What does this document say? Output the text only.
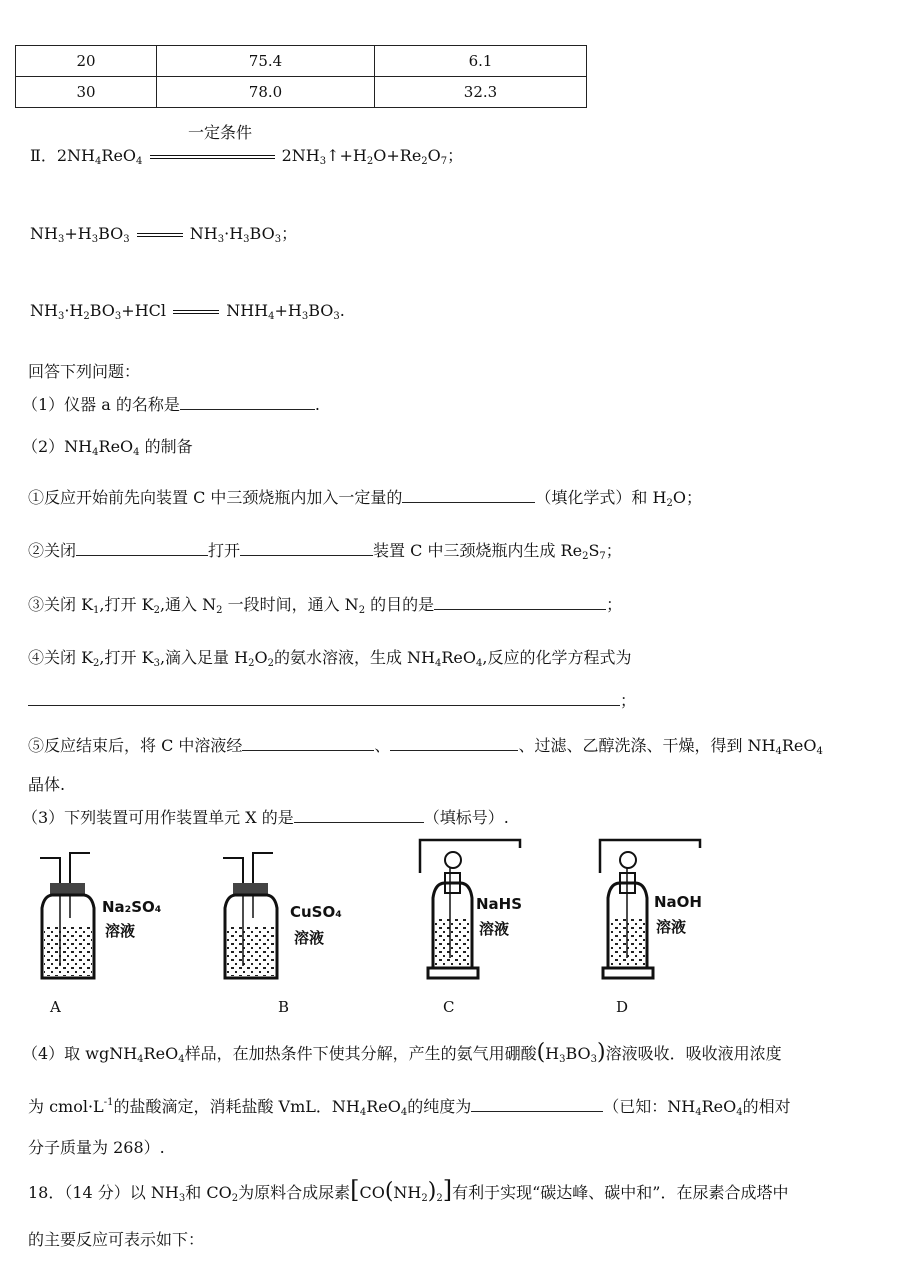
20	75.4	6.1
30	78.0	32.3
一定条件
Ⅱ．$2NH_4ReO_4$	$2NH_3↑+H_2O+Re_2O_7$；
$NH_3+H_3BO_3$	$NH_3\cdot H_3BO_3$；
$NH_3\cdot H_2BO_3+HCl$	$NHH_4+H_3BO_3$.
回答下列问题：
（1）仪器 a 的名称是	.
$(2)NH_4ReO_4$ 的制备
①反应开始前先向装置 C 中三颈烧瓶内加入一定量的	（填化学式）和 $H_2O$；
②关闭	打开	装置 C 中三颈烧瓶内生成 $Re_2S_7$；
③关闭 $K_1$,打开 $K_2$,通入 $N_2$ 一段时间，通入 $N_2$ 的目的是	；
④关闭 $K_2$,打开 $K_3$,滴入足量 $H_2O_2$的氨水溶液，生成 $NH_4ReO_4$,反应的化学方程式为
；
⑤反应结束后，将 C 中溶液经	、	、过滤、乙醇洗涤、干燥，得到 $NH_4ReO_4$
晶体.
（3）下列装置可用作装置单元 X 的是	（填标号）.
Na₂SO₄
溶液
CuSO₄
溶液
NaHS
溶液
NaOH
溶液
A	B	C	D
（4）取 wgNH$_4$ReO$_4$样品，在加热条件下使其分解，产生的氨气用硼酸$(H_3BO_3)$溶液吸收．吸收液用浓度
为 $cmol\cdot L^{-1}$的盐酸滴定，消耗盐酸 VmL．$NH_4ReO_4$的纯度为	（已知：$NH_4ReO_4$的相对
分子质量为 268）.
18．（14 分）以 $NH_3$和 $CO_2$为原料合成尿素$[CO(NH_2)_2]$有利于实现“碳达峰、碳中和”．在尿素合成塔中
的主要反应可表示如下：
